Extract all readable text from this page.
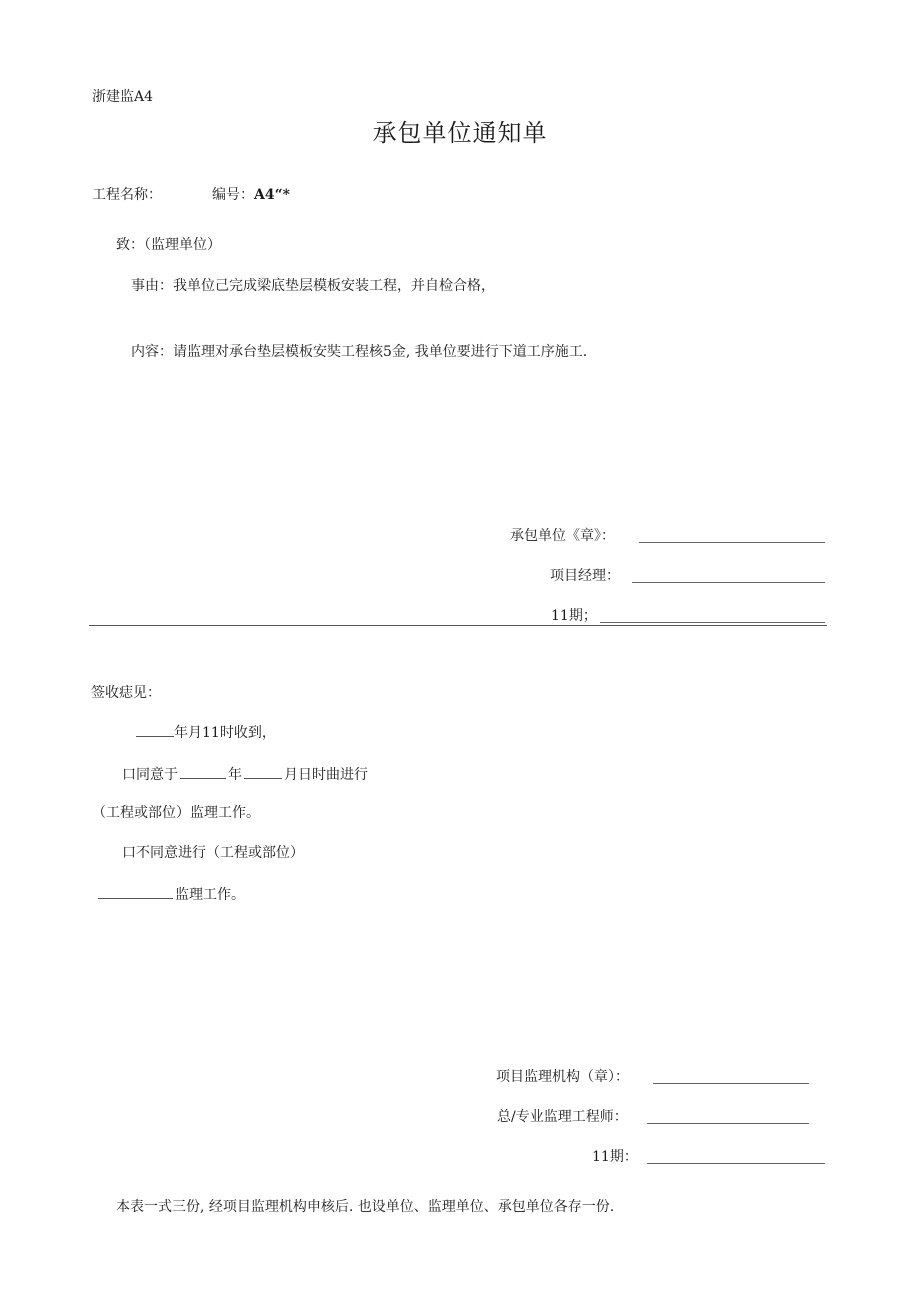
浙建监A4
承包单位通知单
工程名称：	编号：A4“*
致：（监理单位）
事由：我单位己完成梁底垫层模板安装工程，并自检合格，
内容：请监理对承台垫层模板安奘工程核5金, 我单位要进行下道工序施工.
承包单位《章》：
项目经理：
11期；
签收痣见：
年月11时收到，
口同意于	年	月日时曲进行
（工程或部位）监理工作。
口不同意进行（工程或部位）
监理工作。
项目监理机构（章）：
总/专业监理工程师：
11期：
本表一式三份, 经项目监理机构申核后. 也设单位、监理单位、承包单位各存一份.
